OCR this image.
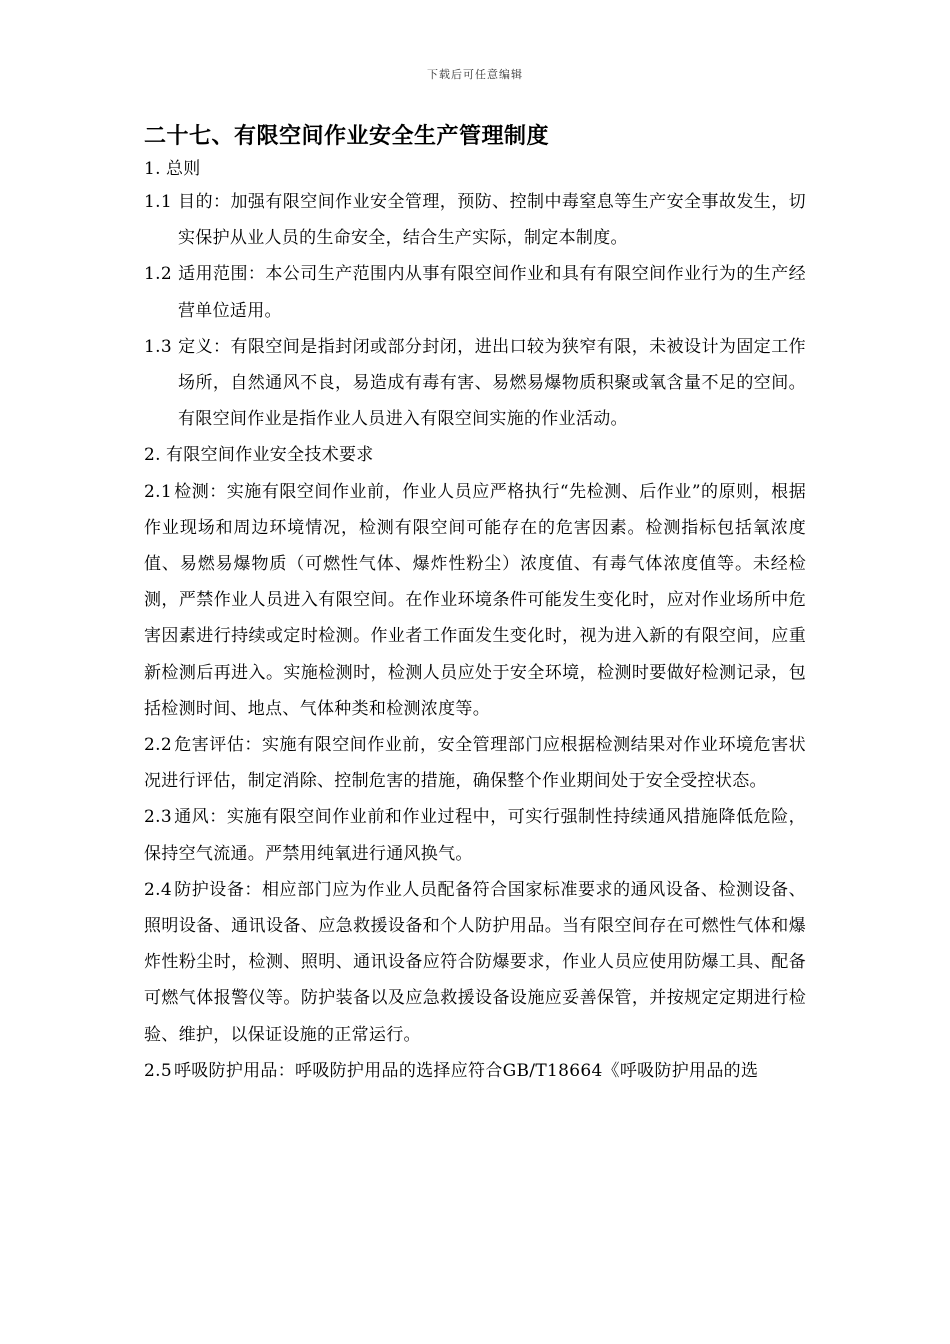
下载后可任意编辑
二十七、有限空间作业安全生产管理制度

1. 总则

1.1 目的：加强有限空间作业安全管理，预防、控制中毒窒息等生产安全事故发生，切实保护从业人员的生命安全，结合生产实际，制定本制度。

1.2 适用范围：本公司生产范围内从事有限空间作业和具有有限空间作业行为的生产经营单位适用。

1.3 定义：有限空间是指封闭或部分封闭，进出口较为狭窄有限，未被设计为固定工作场所，自然通风不良，易造成有毒有害、易燃易爆物质积聚或氧含量不足的空间。有限空间作业是指作业人员进入有限空间实施的作业活动。

2. 有限空间作业安全技术要求

2.1 检测：实施有限空间作业前，作业人员应严格执行“先检测、后作业”的原则，根据作业现场和周边环境情况，检测有限空间可能存在的危害因素。检测指标包括氧浓度值、易燃易爆物质（可燃性气体、爆炸性粉尘）浓度值、有毒气体浓度值等。未经检测，严禁作业人员进入有限空间。在作业环境条件可能发生变化时，应对作业场所中危害因素进行持续或定时检测。作业者工作面发生变化时，视为进入新的有限空间，应重新检测后再进入。实施检测时，检测人员应处于安全环境，检测时要做好检测记录，包括检测时间、地点、气体种类和检测浓度等。

2.2 危害评估：实施有限空间作业前，安全管理部门应根据检测结果对作业环境危害状况进行评估，制定消除、控制危害的措施，确保整个作业期间处于安全受控状态。

2.3 通风：实施有限空间作业前和作业过程中，可实行强制性持续通风措施降低危险，保持空气流通。严禁用纯氧进行通风换气。

2.4 防护设备：相应部门应为作业人员配备符合国家标准要求的通风设备、检测设备、照明设备、通讯设备、应急救援设备和个人防护用品。当有限空间存在可燃性气体和爆炸性粉尘时，检测、照明、通讯设备应符合防爆要求，作业人员应使用防爆工具、配备可燃气体报警仪等。防护装备以及应急救援设备设施应妥善保管，并按规定定期进行检验、维护，以保证设施的正常运行。

2.5 呼吸防护用品：呼吸防护用品的选择应符合GB/T18664《呼吸防护用品的选
